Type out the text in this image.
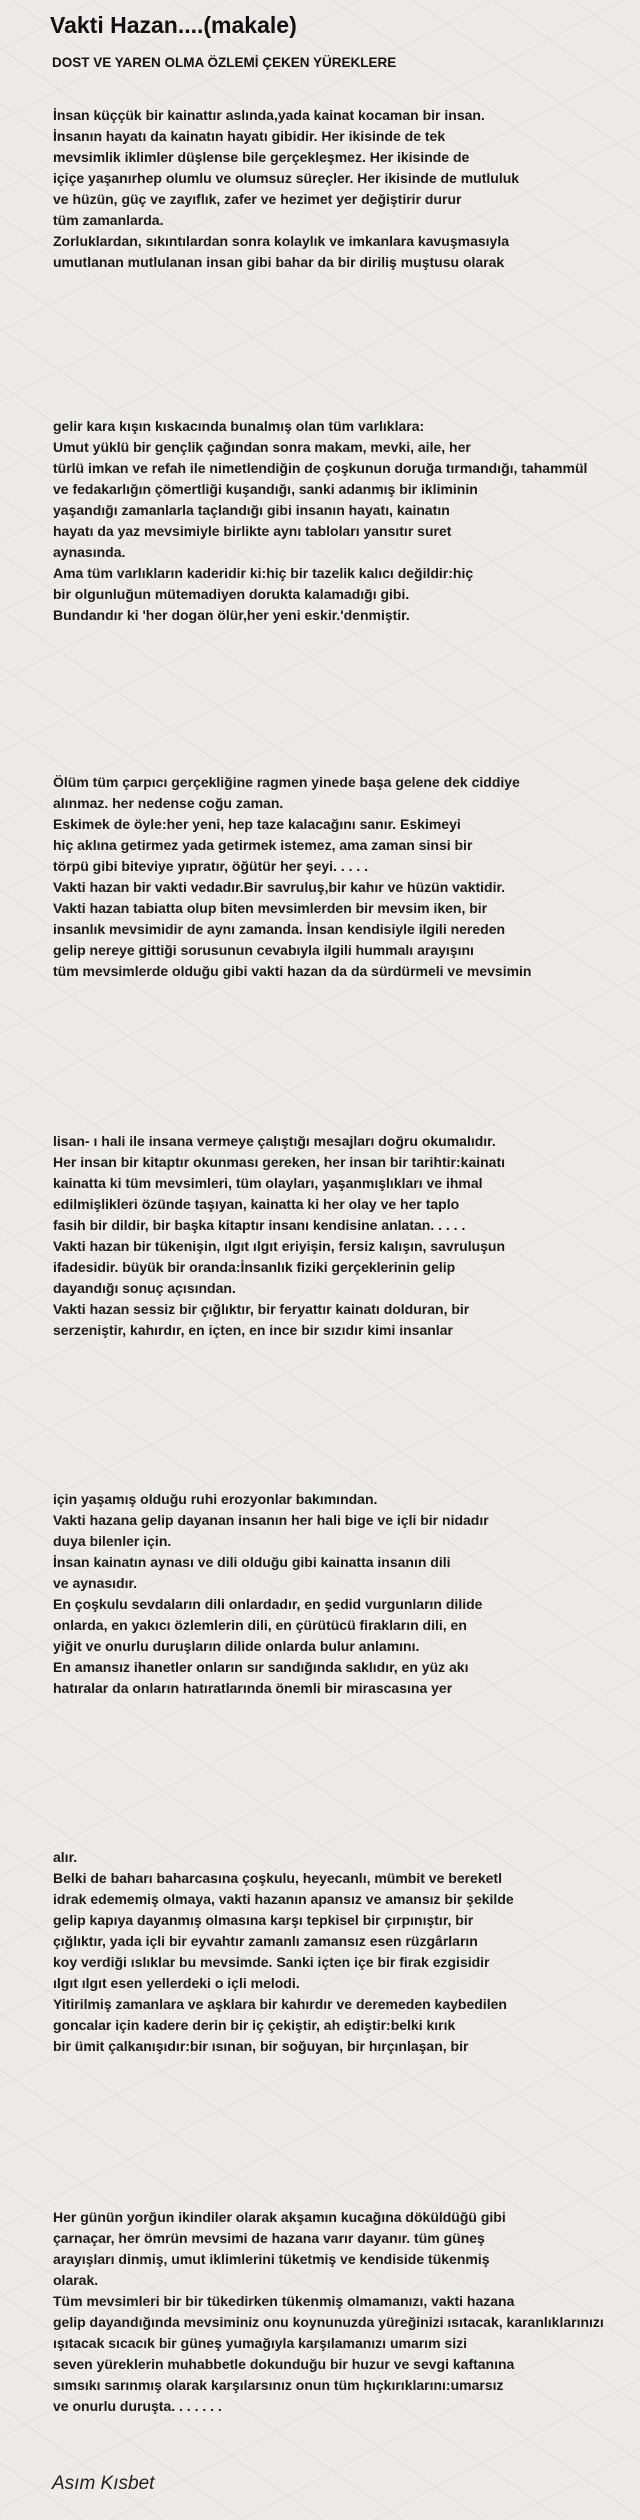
Vakti Hazan....(makale)
DOST VE YAREN OLMA ÖZLEMİ ÇEKEN YÜREKLERE
İnsan küççük bir kainattır aslında,yada kainat kocaman bir insan.
İnsanın hayatı da kainatın hayatı gibidir. Her ikisinde de tek
mevsimlik iklimler düşlense bile gerçekleşmez. Her ikisinde de
içiçe yaşanırhep olumlu ve olumsuz süreçler. Her ikisinde de mutluluk
ve hüzün, güç ve zayıflık, zafer ve hezimet yer değiştirir durur
tüm zamanlarda.
Zorluklardan, sıkıntılardan sonra kolaylık ve imkanlara kavuşmasıyla
umutlanan mutlulanan insan gibi bahar da bir diriliş muştusu olarak
gelir kara kışın kıskacında bunalmış olan tüm varlıklara:
Umut yüklü bir gençlik çağından sonra makam, mevki, aile, her
türlü imkan ve refah ile nimetlendiğin de çoşkunun doruğa tırmandığı, tahammül
ve fedakarlığın çömertliği kuşandığı, sanki adanmış bir ikliminin
yaşandığı zamanlarla taçlandığı gibi insanın hayatı, kainatın
hayatı da yaz mevsimiyle birlikte aynı tabloları yansıtır suret
aynasında.
Ama tüm varlıkların kaderidir ki:hiç bir tazelik kalıcı değildir:hiç
bir olgunluğun mütemadiyen dorukta kalamadığı gibi.
Bundandır ki 'her dogan ölür,her yeni eskir.'denmiştir.
Ölüm tüm çarpıcı gerçekliğine ragmen yinede başa gelene dek ciddiye
alınmaz. her nedense coğu zaman.
Eskimek de öyle:her yeni, hep taze kalacağını sanır. Eskimeyi
hiç aklına getirmez yada getirmek istemez, ama zaman sinsi bir
törpü gibi biteviye yıpratır, öğütür her şeyi. . . . .
Vakti hazan bir vakti vedadır.Bir savruluş,bir kahır ve hüzün vaktidir.
Vakti hazan tabiatta olup biten mevsimlerden bir mevsim iken, bir
insanlık mevsimidir de aynı zamanda. İnsan kendisiyle ilgili nereden
gelip nereye gittiği sorusunun cevabıyla ilgili hummalı arayışını
tüm mevsimlerde olduğu gibi vakti hazan da da sürdürmeli ve mevsimin
lisan- ı hali ile insana vermeye çalıştığı mesajları doğru okumalıdır.
Her insan bir kitaptır okunması gereken, her insan bir tarihtir:kainatı
kainatta ki tüm mevsimleri, tüm olayları, yaşanmışlıkları ve ihmal
edilmişlikleri özünde taşıyan, kainatta ki her olay ve her taplo
fasih bir dildir, bir başka kitaptır insanı kendisine anlatan. . . . .
Vakti hazan bir tükenişin, ılgıt ılgıt eriyişin, fersiz kalışın, savruluşun
ifadesidir. büyük bir oranda:İnsanlık fiziki gerçeklerinin gelip
dayandığı sonuç açısından.
Vakti hazan sessiz bir çığlıktır, bir feryattır kainatı dolduran, bir
serzeniştir, kahırdır, en içten, en ince bir sızıdır kimi insanlar
için yaşamış olduğu ruhi erozyonlar bakımından.
Vakti hazana gelip dayanan insanın her hali bige ve içli bir nidadır
duya bilenler için.
İnsan kainatın aynası ve dili olduğu gibi kainatta insanın dili
ve aynasıdır.
En çoşkulu sevdaların dili onlardadır, en şedid vurgunların dilide
onlarda, en yakıcı özlemlerin dili, en çürütücü firakların dili, en
yiğit ve onurlu duruşların dilide onlarda bulur anlamını.
En amansız ihanetler onların sır sandığında saklıdır, en yüz akı
hatıralar da onların hatıratlarında önemli bir mirascasına yer
alır.
Belki de baharı baharcasına çoşkulu, heyecanlı, mümbit ve bereketl
idrak edememiş olmaya, vakti hazanın apansız ve amansız bir şekilde
gelip kapıya dayanmış olmasına karşı tepkisel bir çırpınıştır, bir
çığlıktır, yada içli bir eyvahtır zamanlı zamansız esen rüzgârların
koy verdiği ıslıklar bu mevsimde. Sanki içten içe bir firak ezgisidir
ılgıt ılgıt esen yellerdeki o içli melodi.
Yitirilmiş zamanlara ve aşklara bir kahırdır ve deremeden kaybedilen
goncalar için kadere derin bir iç çekiştir, ah ediştir:belki kırık
bir ümit çalkanışıdır:bir ısınan, bir soğuyan, bir hırçınlaşan, bir
Her günün yorğun ikindiler olarak akşamın kucağına döküldüğü gibi
çarnaçar, her ömrün mevsimi de hazana varır dayanır. tüm güneş
arayışları dinmiş, umut iklimlerini tüketmiş ve kendiside tükenmiş
olarak.
Tüm mevsimleri bir bir tükedirken tükenmiş olmamanızı, vakti hazana
gelip dayandığında mevsiminiz onu koynunuzda yüreğinizi ısıtacak, karanlıklarınızı
ışıtacak sıcacık bir güneş yumağıyla karşılamanızı umarım sizi
seven yüreklerin muhabbetle dokunduğu bir huzur ve sevgi kaftanına
sımsıkı sarınmış olarak karşılarsınız onun tüm hıçkırıklarını:umarsız
ve onurlu duruşta. . . . . . .
Asım Kısbet
